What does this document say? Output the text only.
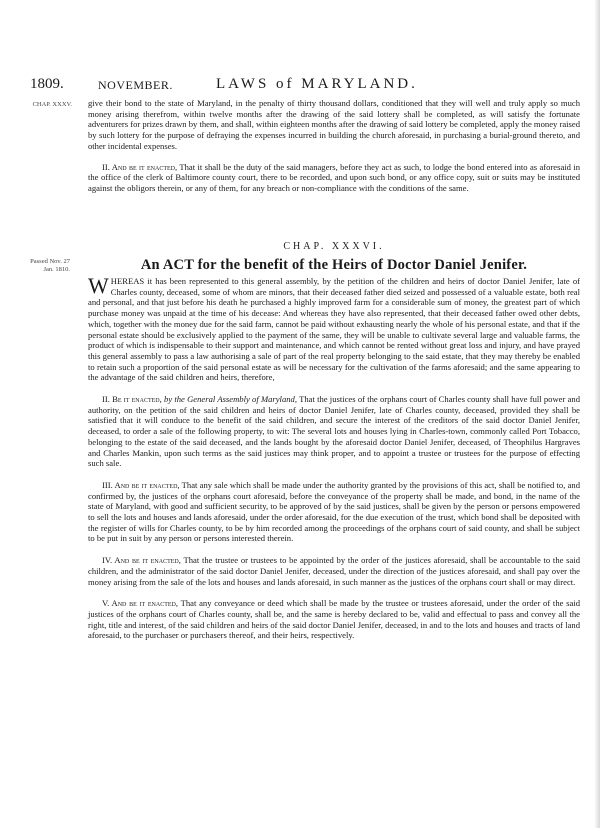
1809.	NOVEMBER.	LAWS of MARYLAND.
CHAP. XXXV. give their bond to the state of Maryland, in the penalty of thirty thousand dollars, conditioned that they will well and truly apply so much money arising therefrom, within twelve months after the drawing of the said lottery shall be completed, as will satisfy the fortunate adventurers for prizes drawn by them, and shall, within eighteen months after the drawing of said lottery be completed, apply the money raised by such lottery for the purpose of defraying the expenses incurred in building the church aforesaid, in purchasing a burial-ground thereto, and other incidental expenses.

II. And be it enacted, That it shall be the duty of the said managers, before they act as such, to lodge the bond entered into as aforesaid in the office of the clerk of Baltimore county court, there to be recorded, and upon such bond, or any office copy, suit or suits may be instituted against the obligors therein, or any of them, for any breach or non-compliance with the conditions of the same.

CHAP. XXXVI.
An ACT for the benefit of the Heirs of Doctor Daniel Jenifer.
Passed Nov. 27 Jan. 1810.

WHEREAS it has been represented to this general assembly, by the petition of the children and heirs of doctor Daniel Jenifer, late of Charles county, deceased, some of whom are minors, that their deceased father died seized and possessed of a valuable estate, both real and personal, and that just before his death he purchased a highly improved farm for a considerable sum of money, the greatest part of which purchase money was unpaid at the time of his decease: And whereas they have also represented, that their deceased father owed other debts, which, together with the money due for the said farm, cannot be paid without exhausting nearly the whole of his personal estate, and that if the personal estate should be exclusively applied to the payment of the same, they will be unable to cultivate several large and valuable farms, the product of which is indispensable to their support and maintenance, and which cannot be rented without great loss and injury, and have prayed this general assembly to pass a law authorising a sale of part of the real property belonging to the said estate, that they may thereby be enabled to retain such a proportion of the said personal estate as will be necessary for the cultivation of the farms aforesaid; and the same appearing to the advantage of the said children and heirs, therefore,

II. Be it enacted, by the General Assembly of Maryland, That the justices of the orphans court of Charles county shall have full power and authority, on the petition of the said children and heirs of doctor Daniel Jenifer, late of Charles county, deceased, provided they shall be satisfied that it will conduce to the benefit of the said children, and secure the interest of the creditors of the said doctor Daniel Jenifer, deceased, to order a sale of the following property, to wit: The several lots and houses lying in Charles-town, commonly called Port Tobacco, belonging to the estate of the said deceased, and the lands bought by the aforesaid doctor Daniel Jenifer, deceased, of Theophilus Hargraves and Charles Mankin, upon such terms as the said justices may think proper, and to appoint a trustee or trustees for the purpose of effecting such sale.

III. And be it enacted, That any sale which shall be made under the authority granted by the provisions of this act, shall be notified to, and confirmed by, the justices of the orphans court aforesaid, before the conveyance of the property shall be made, and bond, in the name of the state of Maryland, with good and sufficient security, to be approved of by the said justices, shall be given by the person or persons empowered to sell the lots and houses and lands aforesaid, under the order aforesaid, for the due execution of the trust, which bond shall be deposited with the register of wills for Charles county, to be by him recorded among the proceedings of the orphans court of said county, and shall be subject to be put in suit by any person or persons interested therein.

IV. And be it enacted, That the trustee or trustees to be appointed by the order of the justices aforesaid, shall be accountable to the said children, and the administrator of the said doctor Daniel Jenifer, deceased, under the direction of the justices aforesaid, and shall pay over the money arising from the sale of the lots and houses and lands aforesaid, in such manner as the justices of the orphans court shall or may direct.

V. And be it enacted, That any conveyance or deed which shall be made by the trustee or trustees aforesaid, under the order of the said justices of the orphans court of Charles county, shall be, and the same is hereby declared to be, valid and effectual to pass and convey all the right, title and interest, of the said children and heirs of the said doctor Daniel Jenifer, deceased, in and to the lots and houses and tracts of land aforesaid, to the purchaser or purchasers thereof, and their heirs, respectively.
